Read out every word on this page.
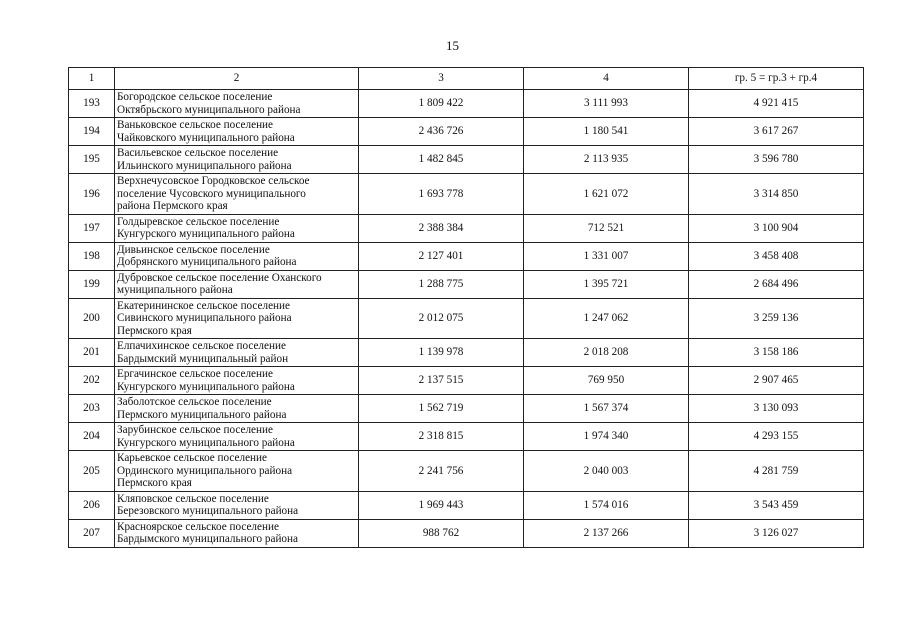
15
1	2	3	4	гр. 5 = гр.3 + гр.4
193	Богородское сельское поселение
Октябрьского муниципального района	1 809 422	3 111 993	4 921 415
194	Ваньковское сельское поселение
Чайковского муниципального района	2 436 726	1 180 541	3 617 267
195	Васильевское сельское поселение
Ильинского муниципального района	1 482 845	2 113 935	3 596 780
196	Верхнечусовское Городковское сельское
поселение Чусовского муниципального
района Пермского края	1 693 778	1 621 072	3 314 850
197	Голдыревское сельское поселение
Кунгурского муниципального района	2 388 384	712 521	3 100 904
198	Дивьинское сельское поселение
Добрянского муниципального района	2 127 401	1 331 007	3 458 408
199	Дубровское сельское поселение Оханского
муниципального района	1 288 775	1 395 721	2 684 496
200	Екатерининское сельское поселение
Сивинского муниципального района
Пермского края	2 012 075	1 247 062	3 259 136
201	Елпачихинское сельское поселение
Бардымский муниципальный район	1 139 978	2 018 208	3 158 186
202	Ергачинское сельское поселение
Кунгурского муниципального района	2 137 515	769 950	2 907 465
203	Заболотское сельское поселение
Пермского муниципального района	1 562 719	1 567 374	3 130 093
204	Зарубинское сельское поселение
Кунгурского муниципального района	2 318 815	1 974 340	4 293 155
205	Карьевское сельское поселение
Ординского муниципального района
Пермского края	2 241 756	2 040 003	4 281 759
206	Кляповское сельское поселение
Березовского муниципального района	1 969 443	1 574 016	3 543 459
207	Красноярское сельское поселение
Бардымского муниципального района	988 762	2 137 266	3 126 027
